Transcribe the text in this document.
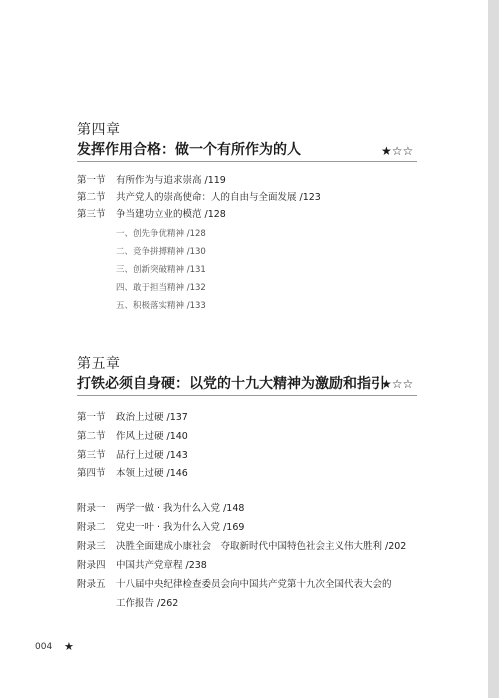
第四章
发挥作用合格：做一个有所作为的人	★☆☆
第一节 有所作为与追求崇高 /119
第二节 共产党人的崇高使命：人的自由与全面发展 /123
第三节 争当建功立业的模范 /128
一、创先争优精神 /128
二、竞争拼搏精神 /130
三、创新突破精神 /131
四、敢于担当精神 /132
五、积极落实精神 /133
第五章
打铁必须自身硬：以党的十九大精神为激励和指引
★☆☆
第一节 政治上过硬 /137
第二节 作风上过硬 /140
第三节 品行上过硬 /143
第四节 本领上过硬 /146
附录一 两学一做 · 我为什么入党 /148
附录二 党史一叶 · 我为什么入党 /169
附录三 决胜全面建成小康社会　夺取新时代中国特色社会主义伟大胜利 /202
附录四 中国共产党章程 /238
附录五 十八届中央纪律检查委员会向中国共产党第十九次全国代表大会的
工作报告 /262
004 ★
